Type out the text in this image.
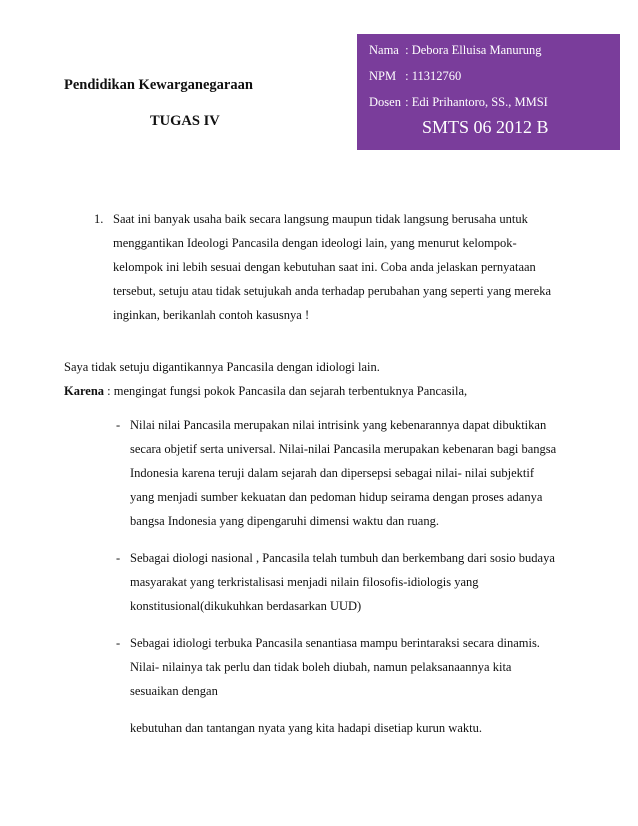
Pendidikan Kewarganegaraan
TUGAS IV
Nama : Debora Elluisa Manurung
NPM : 11312760
Dosen : Edi Prihantoro, SS., MMSI
SMTS 06 2012 B
1. Saat ini banyak usaha baik secara langsung maupun tidak langsung berusaha untuk
menggantikan Ideologi Pancasila dengan ideologi lain, yang menurut kelompok-
kelompok ini lebih sesuai dengan kebutuhan saat ini. Coba anda jelaskan pernyataan
tersebut, setuju atau tidak setujukah anda terhadap perubahan yang seperti yang mereka
inginkan, berikanlah contoh kasusnya !
Saya tidak setuju digantikannya Pancasila dengan idiologi lain.
Karena : mengingat fungsi pokok Pancasila dan sejarah terbentuknya Pancasila,
- Nilai nilai Pancasila merupakan nilai intrisink yang kebenarannya dapat dibuktikan
secara objetif serta universal. Nilai-nilai Pancasila merupakan kebenaran bagi bangsa
Indonesia karena teruji dalam sejarah dan dipersepsi sebagai nilai- nilai subjektif
yang menjadi sumber kekuatan dan pedoman hidup seirama dengan proses adanya
bangsa Indonesia yang dipengaruhi dimensi waktu dan ruang.
- Sebagai diologi nasional , Pancasila telah tumbuh dan berkembang dari sosio budaya
masyarakat yang terkristalisasi menjadi nilain filosofis-idiologis yang
konstitusional(dikukuhkan berdasarkan UUD)
- Sebagai idiologi terbuka Pancasila senantiasa mampu berintaraksi secara dinamis.
Nilai- nilainya tak perlu dan tidak boleh diubah, namun pelaksanaannya kita
sesuaikan dengan
kebutuhan dan tantangan nyata yang kita hadapi disetiap kurun waktu.
